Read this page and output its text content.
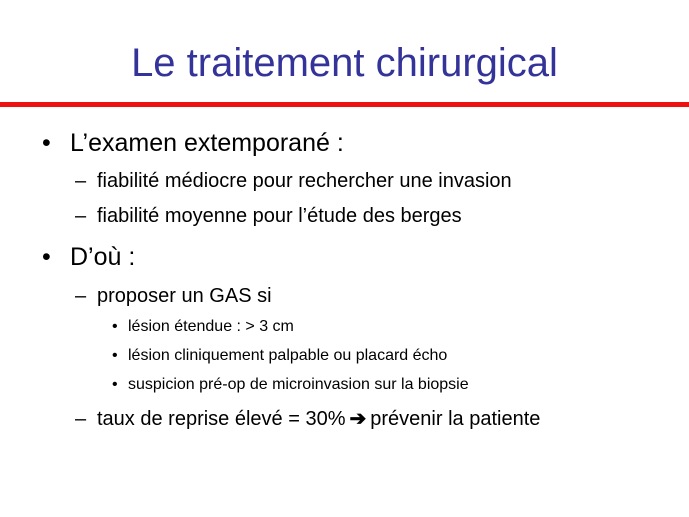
Le traitement chirurgical
• L’examen extemporané :
– fiabilité médiocre pour rechercher une invasion
– fiabilité moyenne pour l’étude des berges
• D’où :
– proposer un GAS si
• lésion étendue : > 3 cm
• lésion cliniquement palpable ou placard écho
• suspicion pré-op de microinvasion sur la biopsie
– taux de reprise élevé = 30% ➔ prévenir la patiente
